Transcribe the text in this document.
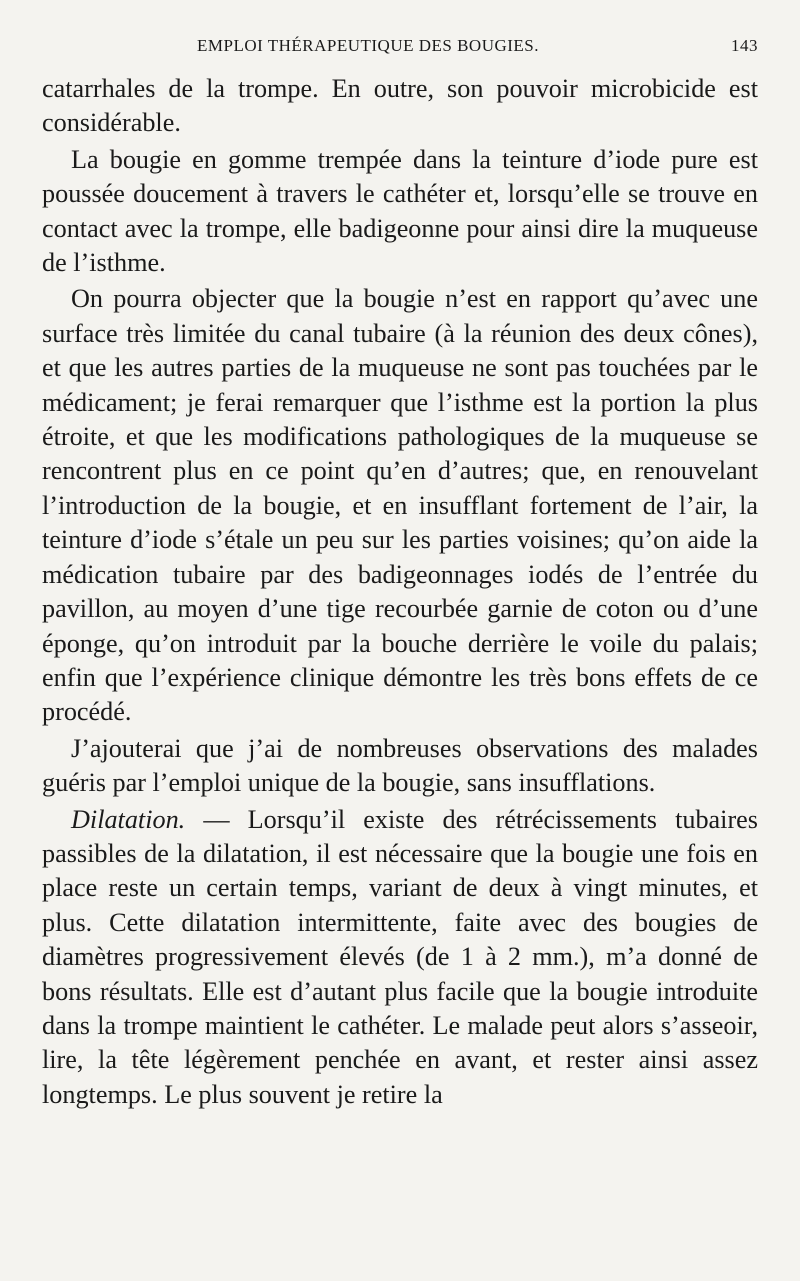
EMPLOI THÉRAPEUTIQUE DES BOUGIES.	143

catarrhales de la trompe. En outre, son pouvoir microbicide est considérable.

La bougie en gomme trempée dans la teinture d’iode pure est poussée doucement à travers le cathéter et, lorsqu’elle se trouve en contact avec la trompe, elle badigeonne pour ainsi dire la muqueuse de l’isthme.

On pourra objecter que la bougie n’est en rapport qu’avec une surface très limitée du canal tubaire (à la réunion des deux cônes), et que les autres parties de la muqueuse ne sont pas touchées par le médicament; je ferai remarquer que l’isthme est la portion la plus étroite, et que les modifications pathologiques de la muqueuse se rencontrent plus en ce point qu’en d’autres; que, en renouvelant l’introduction de la bougie, et en insufflant fortement de l’air, la teinture d’iode s’étale un peu sur les parties voisines; qu’on aide la médication tubaire par des badigeonnages iodés de l’entrée du pavillon, au moyen d’une tige recourbée garnie de coton ou d’une éponge, qu’on introduit par la bouche derrière le voile du palais; enfin que l’expérience clinique démontre les très bons effets de ce procédé.

J’ajouterai que j’ai de nombreuses observations des malades guéris par l’emploi unique de la bougie, sans insufflations.

Dilatation. — Lorsqu’il existe des rétrécissements tubaires passibles de la dilatation, il est nécessaire que la bougie une fois en place reste un certain temps, variant de deux à vingt minutes, et plus. Cette dilatation intermittente, faite avec des bougies de diamètres progressivement élevés (de 1 à 2 mm.), m’a donné de bons résultats. Elle est d’autant plus facile que la bougie introduite dans la trompe maintient le cathéter. Le malade peut alors s’asseoir, lire, la tête légèrement penchée en avant, et rester ainsi assez longtemps. Le plus souvent je retire la
